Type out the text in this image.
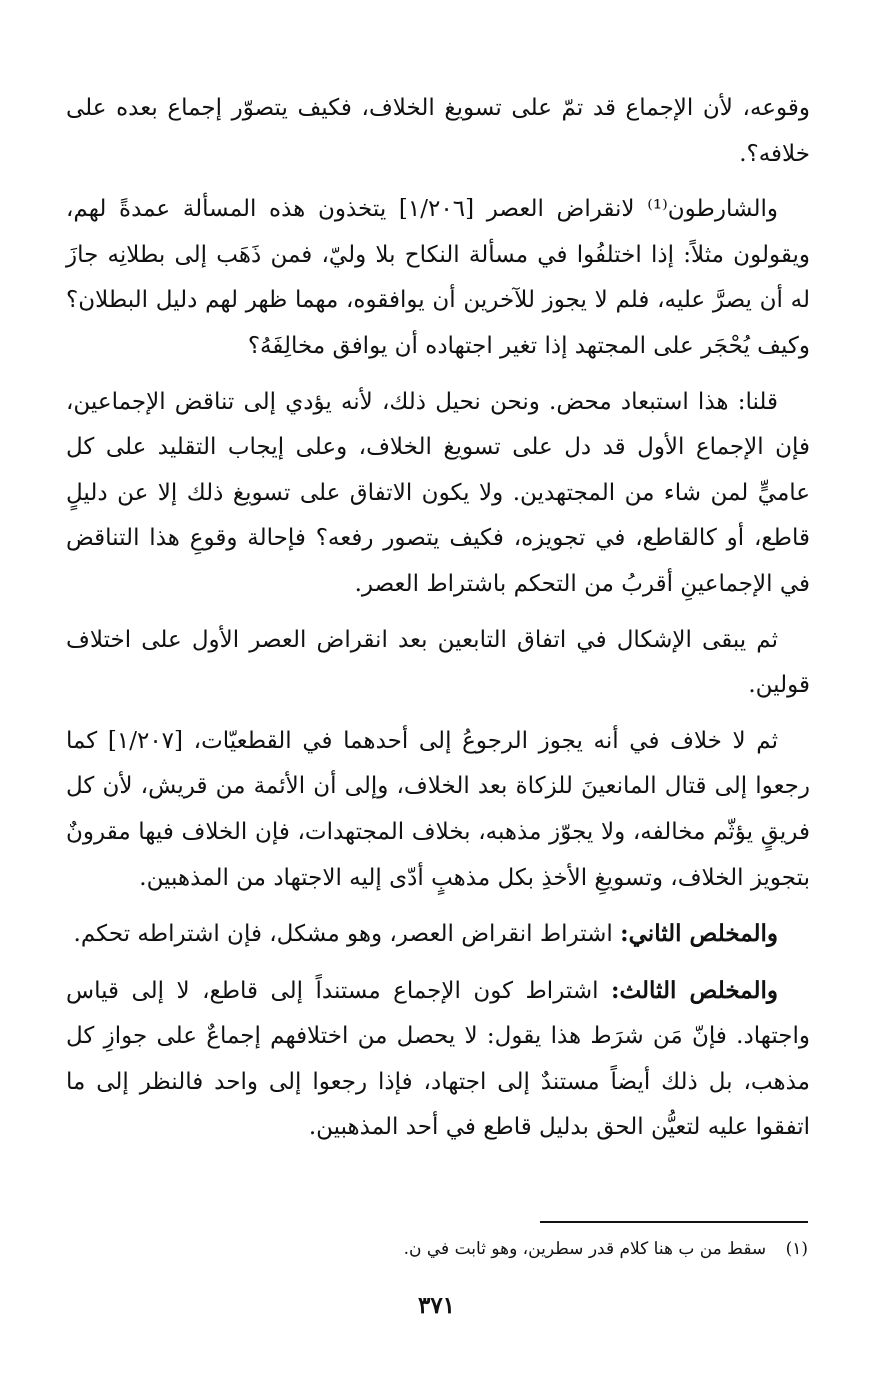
وقوعه، لأن الإجماع قد تمّ على تسويغ الخلاف، فكيف يتصوّر إجماع بعده على خلافه؟.

والشارطون⁽¹⁾ لانقراض العصر [١/٢٠٦] يتخذون هذه المسألة عمدةً لهم، ويقولون مثلاً: إذا اختلفُوا في مسألة النكاح بلا وليّ، فمن ذَهَب إلى بطلانِه جازَ له أن يصرَّ عليه، فلم لا يجوز للآخرين أن يوافقوه، مهما ظهر لهم دليل البطلان؟ وكيف يُحْجَر على المجتهد إذا تغير اجتهاده أن يوافق مخالِفَهُ؟

قلنا: هذا استبعاد محض. ونحن نحيل ذلك، لأنه يؤدي إلى تناقض الإجماعين، فإن الإجماع الأول قد دل على تسويغ الخلاف، وعلى إيجاب التقليد على كل عاميٍّ لمن شاء من المجتهدين. ولا يكون الاتفاق على تسويغ ذلك إلا عن دليلٍ قاطع، أو كالقاطع، في تجويزه، فكيف يتصور رفعه؟ فإحالة وقوعِ هذا التناقض في الإجماعينِ أقربُ من التحكم باشتراط العصر.

ثم يبقى الإشكال في اتفاق التابعين بعد انقراض العصر الأول على اختلاف قولين.

ثم لا خلاف في أنه يجوز الرجوعُ إلى أحدهما في القطعيّات، [١/٢٠٧] كما رجعوا إلى قتال المانعينَ للزكاة بعد الخلاف، وإلى أن الأئمة من قريش، لأن كل فريقٍ يؤثّم مخالفه، ولا يجوّز مذهبه، بخلاف المجتهدات، فإن الخلاف فيها مقرونٌ بتجويز الخلاف، وتسويغِ الأخذِ بكل مذهبٍ أدّى إليه الاجتهاد من المذهبين.

والمخلص الثاني: اشتراط انقراض العصر، وهو مشكل، فإن اشتراطه تحكم.

والمخلص الثالث: اشتراط كون الإجماع مستنداً إلى قاطع، لا إلى قياس واجتهاد. فإنّ مَن شرَط هذا يقول: لا يحصل من اختلافهم إجماعٌ على جوازِ كل مذهب، بل ذلك أيضاً مستندٌ إلى اجتهاد، فإذا رجعوا إلى واحد فالنظر إلى ما اتفقوا عليه لتعيُّن الحق بدليل قاطع في أحد المذهبين.

(١) سقط من ب هنا كلام قدر سطرين، وهو ثابت في ن.
٣٧١
